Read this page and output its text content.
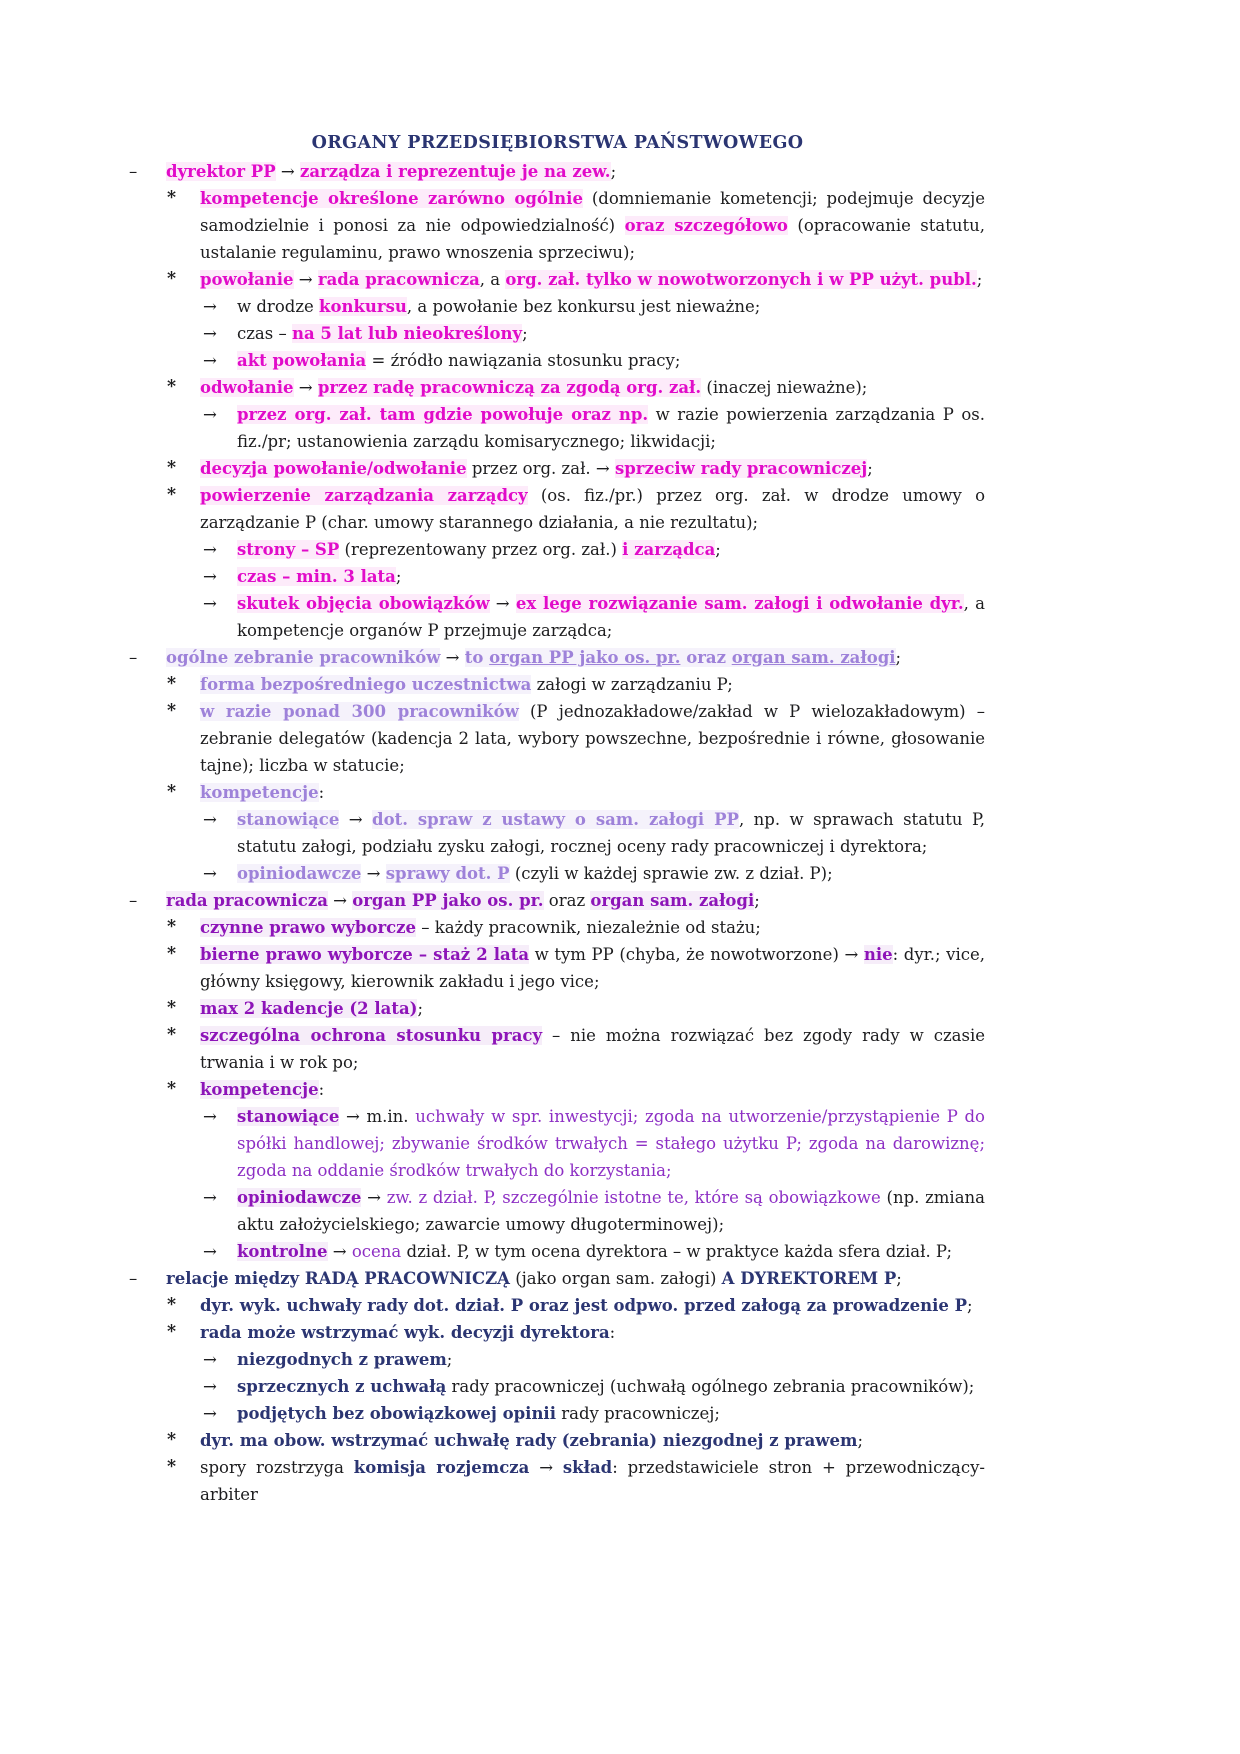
ORGANY PRZEDSIĘBIORSTWA PAŃSTWOWEGO
– dyrektor PP → zarządza i reprezentuje je na zew.;
* kompetencje określone zarówno ogólnie (domniemanie kometencji; podejmuje decyzje samodzielnie i ponosi za nie odpowiedzialność) oraz szczegółowo (opracowanie statutu, ustalanie regulaminu, prawo wnoszenia sprzeciwu);
* powołanie → rada pracownicza, a org. zał. tylko w nowotworzonych i w PP użyt. publ.;
→ w drodze konkursu, a powołanie bez konkursu jest nieważne;
→ czas – na 5 lat lub nieokreślony;
→ akt powołania = źródło nawiązania stosunku pracy;
* odwołanie → przez radę pracowniczą za zgodą org. zał. (inaczej nieważne);
→ przez org. zał. tam gdzie powołuje oraz np. w razie powierzenia zarządzania P os. fiz./pr; ustanowienia zarządu komisarycznego; likwidacji;
* decyzja powołanie/odwołanie przez org. zał. → sprzeciw rady pracowniczej;
* powierzenie zarządzania zarządcy (os. fiz./pr.) przez org. zał. w drodze umowy o zarządzanie P (char. umowy starannego działania, a nie rezultatu);
→ strony – SP (reprezentowany przez org. zał.) i zarządca;
→ czas – min. 3 lata;
→ skutek objęcia obowiązków → ex lege rozwiązanie sam. załogi i odwołanie dyr., a kompetencje organów P przejmuje zarządca;
– ogólne zebranie pracowników → to organ PP jako os. pr. oraz organ sam. załogi;
* forma bezpośredniego uczestnictwa załogi w zarządzaniu P;
* w razie ponad 300 pracowników (P jednozakładowe/zakład w P wielozakładowym) – zebranie delegatów (kadencja 2 lata, wybory powszechne, bezpośrednie i równe, głosowanie tajne); liczba w statucie;
* kompetencje:
→ stanowiące → dot. spraw z ustawy o sam. załogi PP, np. w sprawach statutu P, statutu załogi, podziału zysku załogi, rocznej oceny rady pracowniczej i dyrektora;
→ opiniodawcze → sprawy dot. P (czyli w każdej sprawie zw. z dział. P);
– rada pracownicza → organ PP jako os. pr. oraz organ sam. załogi;
* czynne prawo wyborcze – każdy pracownik, niezależnie od stażu;
* bierne prawo wyborcze – staż 2 lata w tym PP (chyba, że nowotworzone) → nie: dyr.; vice, główny księgowy, kierownik zakładu i jego vice;
* max 2 kadencje (2 lata);
* szczególna ochrona stosunku pracy – nie można rozwiązać bez zgody rady w czasie trwania i w rok po;
* kompetencje:
→ stanowiące → m.in. uchwały w spr. inwestycji; zgoda na utworzenie/przystąpienie P do spółki handlowej; zbywanie środków trwałych = stałego użytku P; zgoda na darowiznę; zgoda na oddanie środków trwałych do korzystania;
→ opiniodawcze → zw. z dział. P, szczególnie istotne te, które są obowiązkowe (np. zmiana aktu założycielskiego; zawarcie umowy długoterminowej);
→ kontrolne → ocena dział. P, w tym ocena dyrektora – w praktyce każda sfera dział. P;
– relacje między RADĄ PRACOWNICZĄ (jako organ sam. załogi) A DYREKTOREM P;
* dyr. wyk. uchwały rady dot. dział. P oraz jest odpwo. przed załogą za prowadzenie P;
* rada może wstrzymać wyk. decyzji dyrektora:
→ niezgodnych z prawem;
→ sprzecznych z uchwałą rady pracowniczej (uchwałą ogólnego zebrania pracowników);
→ podjętych bez obowiązkowej opinii rady pracowniczej;
* dyr. ma obow. wstrzymać uchwałę rady (zebrania) niezgodnej z prawem;
* spory rozstrzyga komisja rozjemcza → skład: przedstawiciele stron + przewodniczący-arbiter
